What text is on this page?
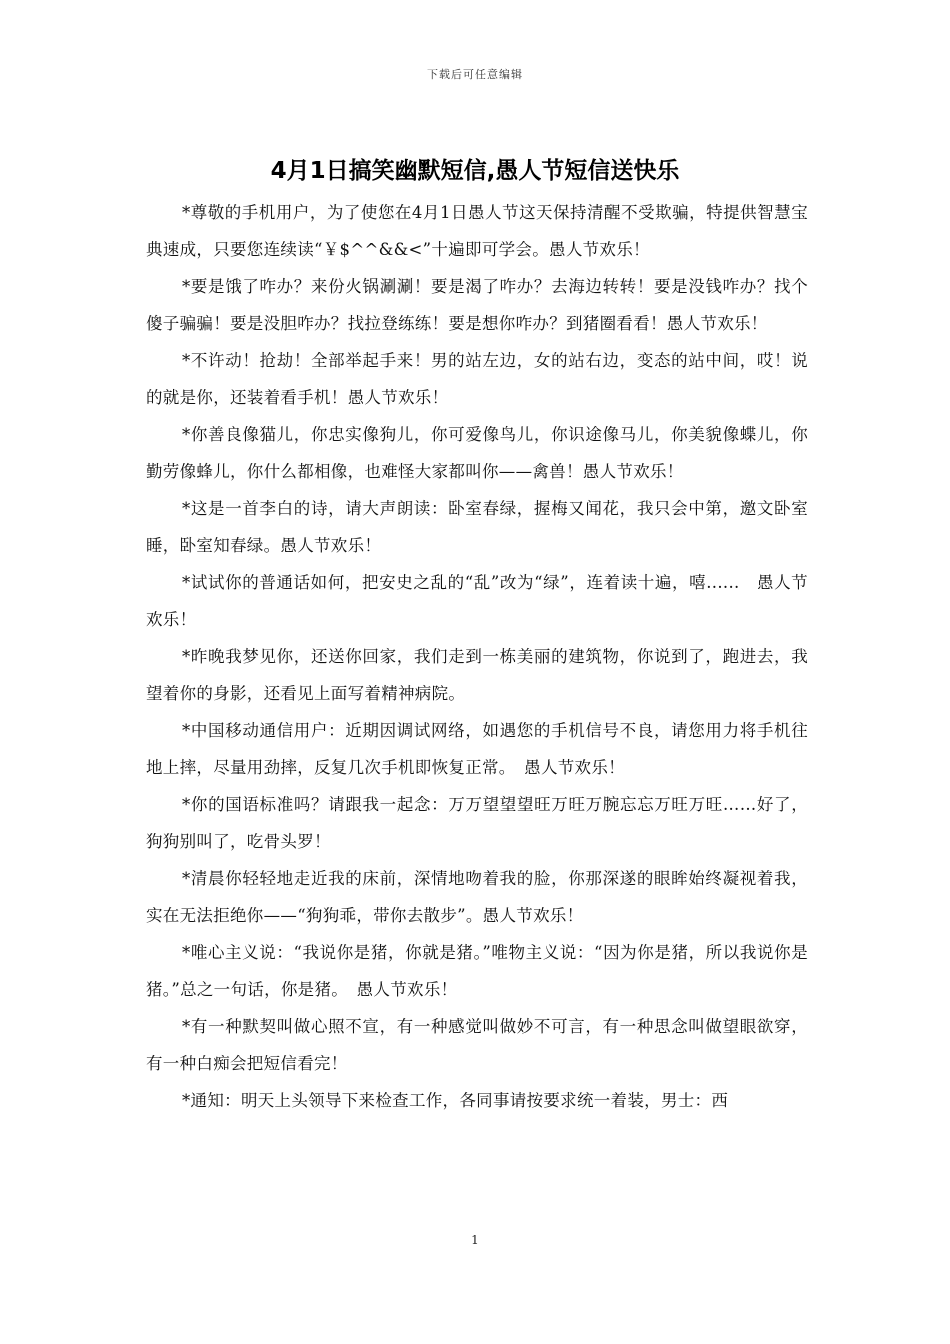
下载后可任意编辑
4月1日搞笑幽默短信,愚人节短信送快乐

*尊敬的手机用户，为了使您在4月1日愚人节这天保持清醒不受欺骗，特提供智慧宝典速成，只要您连续读“￥$^^&&<”十遍即可学会。愚人节欢乐！

*要是饿了咋办？来份火锅涮涮！要是渴了咋办？去海边转转！要是没钱咋办？找个傻子骗骗！要是没胆咋办？找拉登练练！要是想你咋办？到猪圈看看！愚人节欢乐！

*不许动！抢劫！全部举起手来！男的站左边，女的站右边，变态的站中间，哎！说的就是你，还装着看手机！愚人节欢乐！

*你善良像猫儿，你忠实像狗儿，你可爱像鸟儿，你识途像马儿，你美貌像蝶儿，你勤劳像蜂儿，你什么都相像，也难怪大家都叫你——禽兽！愚人节欢乐！

*这是一首李白的诗，请大声朗读：卧室春绿，握梅又闻花，我只会中第，邀文卧室睡，卧室知春绿。愚人节欢乐！

*试试你的普通话如何，把安史之乱的“乱”改为“绿”，连着读十遍，嘻......　愚人节欢乐！

*昨晚我梦见你，还送你回家，我们走到一栋美丽的建筑物，你说到了，跑进去，我望着你的身影，还看见上面写着精神病院。

*中国移动通信用户：近期因调试网络，如遇您的手机信号不良，请您用力将手机往地上摔，尽量用劲摔，反复几次手机即恢复正常。　愚人节欢乐！

*你的国语标准吗？请跟我一起念：万万望望望旺万旺万腕忘忘万旺万旺……好了，狗狗别叫了，吃骨头罗！

*清晨你轻轻地走近我的床前，深情地吻着我的脸，你那深遂的眼眸始终凝视着我，实在无法拒绝你——“狗狗乖，带你去散步”。愚人节欢乐！

*唯心主义说：“我说你是猪，你就是猪。”唯物主义说：“因为你是猪，所以我说你是猪。”总之一句话，你是猪。　愚人节欢乐！

*有一种默契叫做心照不宣，有一种感觉叫做妙不可言，有一种思念叫做望眼欲穿，有一种白痴会把短信看完！

*通知：明天上头领导下来检查工作，各同事请按要求统一着装，男士：西

1
